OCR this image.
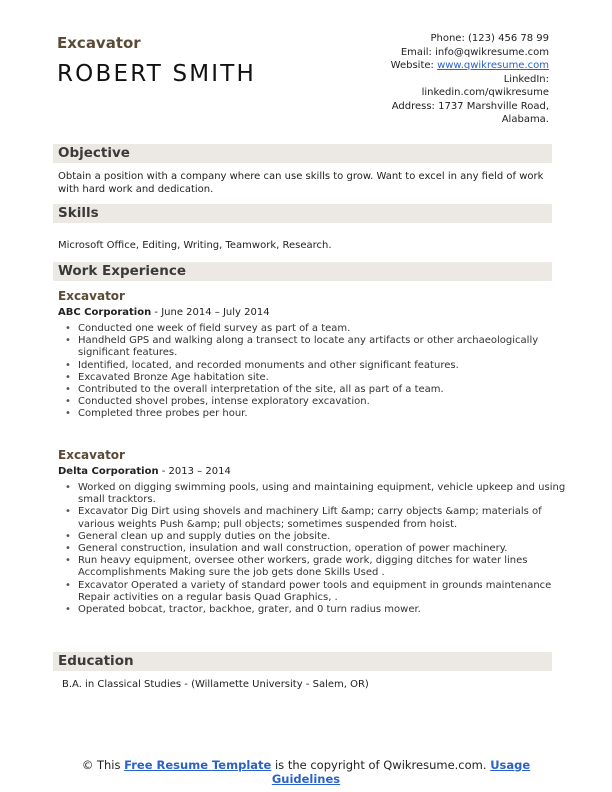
Excavator
ROBERT SMITH
Phone: (123) 456 78 99
Email: info@qwikresume.com
Website: www.qwikresume.com
LinkedIn:
linkedin.com/qwikresume
Address: 1737 Marshville Road,
Alabama.
Objective
Obtain a position with a company where can use skills to grow. Want to excel in any field of work with hard work and dedication.
Skills
Microsoft Office, Editing, Writing, Teamwork, Research.
Work Experience
Excavator
ABC Corporation - June 2014 – July 2014
• Conducted one week of field survey as part of a team.
• Handheld GPS and walking along a transect to locate any artifacts or other archaeologically significant features.
• Identified, located, and recorded monuments and other significant features.
• Excavated Bronze Age habitation site.
• Contributed to the overall interpretation of the site, all as part of a team.
• Conducted shovel probes, intense exploratory excavation.
• Completed three probes per hour.
Excavator
Delta Corporation - 2013 – 2014
• Worked on digging swimming pools, using and maintaining equipment, vehicle upkeep and using small tracktors.
• Excavator Dig Dirt using shovels and machinery Lift &amp; carry objects &amp; materials of various weights Push &amp; pull objects; sometimes suspended from hoist.
• General clean up and supply duties on the jobsite.
• General construction, insulation and wall construction, operation of power machinery.
• Run heavy equipment, oversee other workers, grade work, digging ditches for water lines Accomplishments Making sure the job gets done Skills Used .
• Excavator Operated a variety of standard power tools and equipment in grounds maintenance Repair activities on a regular basis Quad Graphics, .
• Operated bobcat, tractor, backhoe, grater, and 0 turn radius mower.
Education
B.A. in Classical Studies - (Willamette University - Salem, OR)
© This Free Resume Template is the copyright of Qwikresume.com. Usage Guidelines
